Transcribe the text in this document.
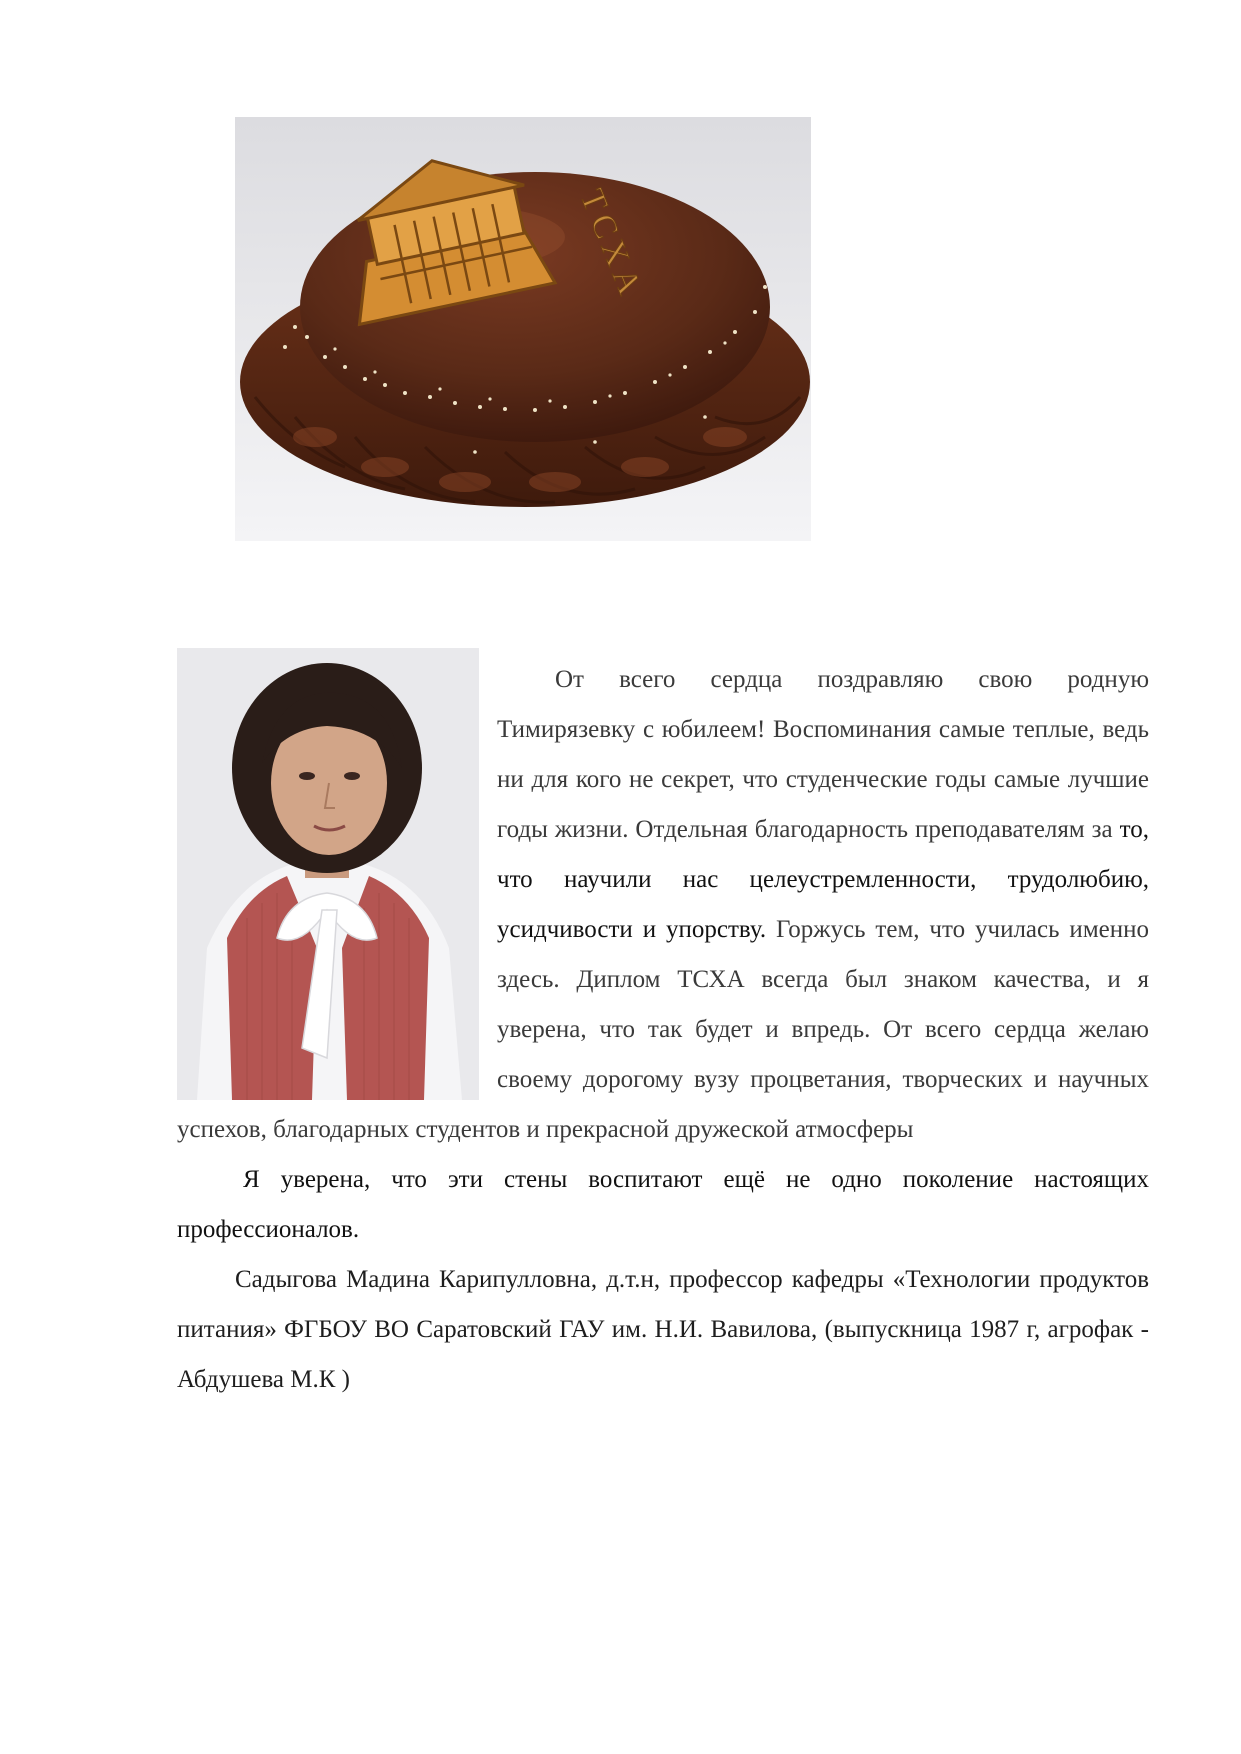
ТСХА

От всего сердца поздравляю свою родную Тимирязевку с юбилеем! Воспоминания самые теплые, ведь ни для кого не секрет, что студенческие годы самые лучшие годы жизни. Отдельная благодарность преподавателям за то, что научили нас целеустремленности, трудолюбию, усидчивости и упорству. Горжусь тем, что училась именно здесь. Диплом ТСХА всегда был знаком качества, и я уверена, что так будет и впредь. От всего сердца желаю своему дорогому вузу процветания, творческих и научных успехов, благодарных студентов и прекрасной дружеской атмосферы

Я уверена, что эти стены воспитают ещё не одно поколение настоящих профессионалов.

Садыгова Мадина Карипулловна, д.т.н, профессор кафедры «Технологии продуктов питания» ФГБОУ ВО Саратовский ГАУ им. Н.И. Вавилова, (выпускница 1987 г, агрофак - Абдушева М.К )
